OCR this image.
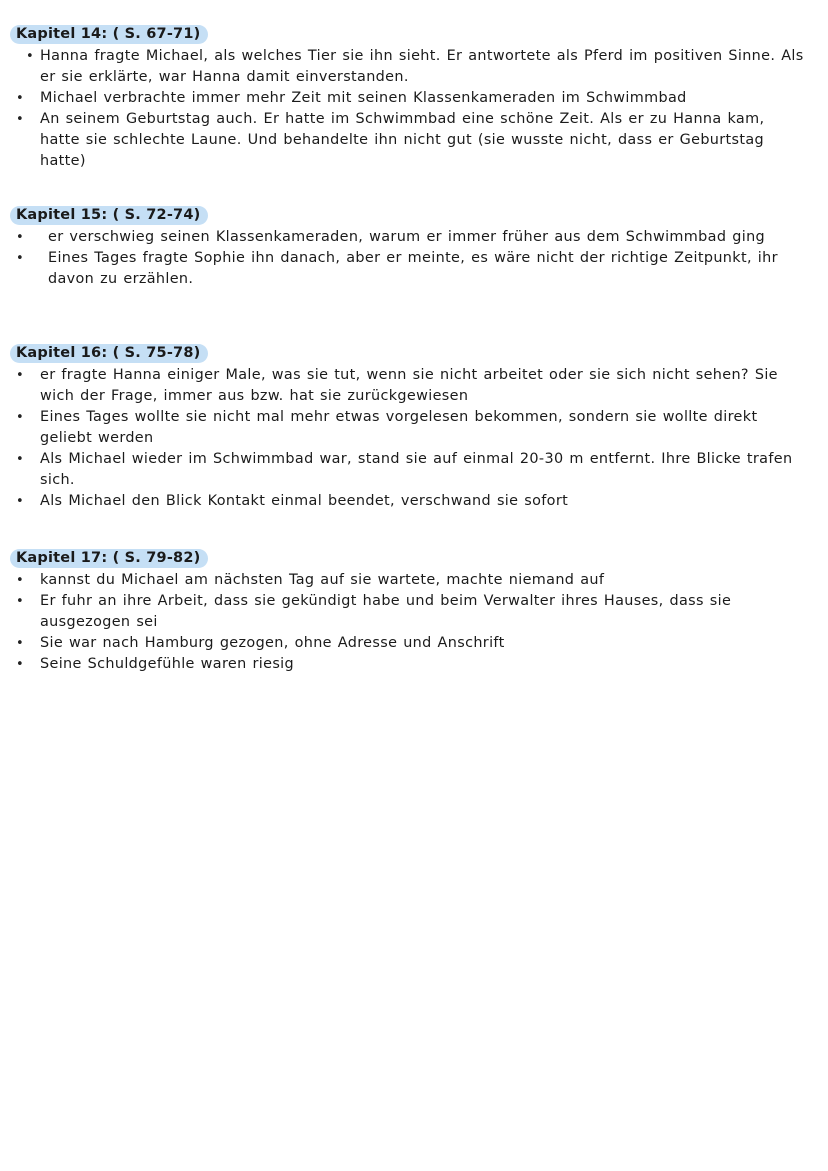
Kapitel 14: ( S. 67-71)
• Hanna fragte Michael, als welches Tier sie ihn sieht. Er antwortete als Pferd im positiven Sinne. Als er sie erklärte, war Hanna damit einverstanden.
• Michael verbrachte immer mehr Zeit mit seinen Klassenkameraden im Schwimmbad
• An seinem Geburtstag auch. Er hatte im Schwimmbad eine schöne Zeit. Als er zu Hanna kam, hatte sie schlechte Laune. Und behandelte ihn nicht gut (sie wusste nicht, dass er Geburtstag hatte)
Kapitel 15: ( S. 72-74)
• er verschwieg seinen Klassenkameraden, warum er immer früher aus dem Schwimmbad ging
• Eines Tages fragte Sophie ihn danach, aber er meinte, es wäre nicht der richtige Zeitpunkt, ihr davon zu erzählen.
Kapitel 16: ( S. 75-78)
• er fragte Hanna einiger Male, was sie tut, wenn sie nicht arbeitet oder sie sich nicht sehen? Sie wich der Frage, immer aus bzw. hat sie zurückgewiesen
• Eines Tages wollte sie nicht mal mehr etwas vorgelesen bekommen, sondern sie wollte direkt geliebt werden
• Als Michael wieder im Schwimmbad war, stand sie auf einmal 20-30 m entfernt. Ihre Blicke trafen sich.
• Als Michael den Blick Kontakt einmal beendet, verschwand sie sofort
Kapitel 17: ( S. 79-82)
• kannst du Michael am nächsten Tag auf sie wartete, machte niemand auf
• Er fuhr an ihre Arbeit, dass sie gekündigt habe und beim Verwalter ihres Hauses, dass sie ausgezogen sei
• Sie war nach Hamburg gezogen, ohne Adresse und Anschrift
• Seine Schuldgefühle waren riesig
